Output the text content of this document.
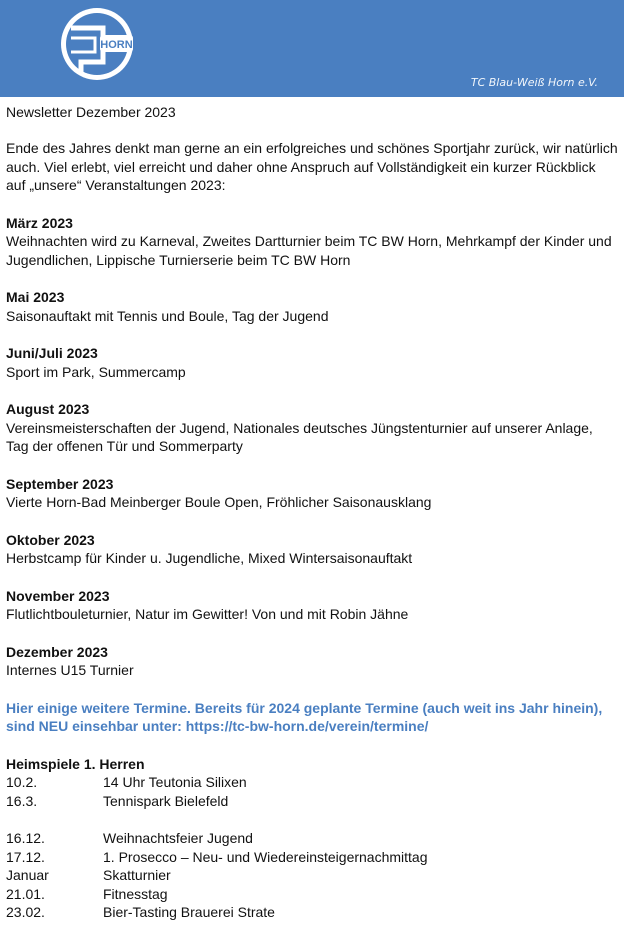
HORN
TC Blau-Weiß Horn e.V.

Newsletter Dezember 2023

Ende des Jahres denkt man gerne an ein erfolgreiches und schönes Sportjahr zurück, wir natürlich auch. Viel erlebt, viel erreicht und daher ohne Anspruch auf Vollständigkeit ein kurzer Rückblick auf „unsere“ Veranstaltungen 2023:

März 2023
Weihnachten wird zu Karneval, Zweites Dartturnier beim TC BW Horn, Mehrkampf der Kinder und Jugendlichen, Lippische Turnierserie beim TC BW Horn
Mai 2023
Saisonauftakt mit Tennis und Boule, Tag der Jugend
Juni/Juli 2023
Sport im Park, Summercamp
August 2023
Vereinsmeisterschaften der Jugend, Nationales deutsches Jüngstenturnier auf unserer Anlage, Tag der offenen Tür und Sommerparty
September 2023
Vierte Horn-Bad Meinberger Boule Open, Fröhlicher Saisonausklang
Oktober 2023
Herbstcamp für Kinder u. Jugendliche, Mixed Wintersaisonauftakt
November 2023
Flutlichtbouleturnier, Natur im Gewitter! Von und mit Robin Jähne
Dezember 2023
Internes U15 Turnier

Hier einige weitere Termine. Bereits für 2024 geplante Termine (auch weit ins Jahr hinein), sind NEU einsehbar unter: https://tc-bw-horn.de/verein/termine/

Heimspiele 1. Herren
10.2.	14 Uhr Teutonia Silixen
16.3.	Tennispark Bielefeld
16.12.	Weihnachtsfeier Jugend
17.12.	1. Prosecco – Neu- und Wiedereinsteigernachmittag
Januar	Skatturnier
21.01.	Fitnesstag
23.02.	Bier-Tasting Brauerei Strate
